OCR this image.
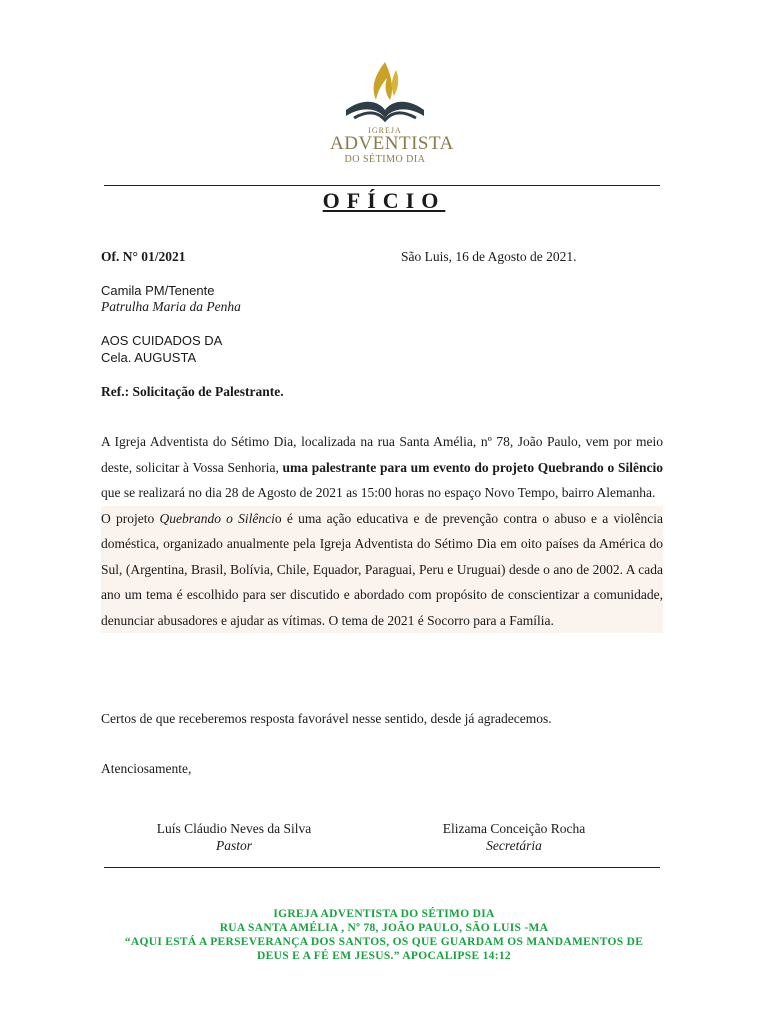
IGREJA
ADVENTISTA
DO SÉTIMO DIA
OFÍCIO
Of. N° 01/2021	São Luis, 16 de Agosto de 2021.
Camila PM/Tenente
Patrulha Maria da Penha
AOS CUIDADOS DA
Cela. AUGUSTA
Ref.: Solicitação de Palestrante.

A Igreja Adventista do Sétimo Dia, localizada na rua Santa Amélia, nº 78, João Paulo, vem por meio deste, solicitar à Vossa Senhoria, uma palestrante para um evento do projeto Quebrando o Silêncio que se realizará no dia 28 de Agosto de 2021 as 15:00 horas no espaço Novo Tempo, bairro Alemanha.

O projeto Quebrando o Silêncio é uma ação educativa e de prevenção contra o abuso e a violência doméstica, organizado anualmente pela Igreja Adventista do Sétimo Dia em oito países da América do Sul, (Argentina, Brasil, Bolívia, Chile, Equador, Paraguai, Peru e Uruguai) desde o ano de 2002. A cada ano um tema é escolhido para ser discutido e abordado com propósito de conscientizar a comunidade, denunciar abusadores e ajudar as vítimas. O tema de 2021 é Socorro para a Família.

Certos de que receberemos resposta favorável nesse sentido, desde já agradecemos.
Atenciosamente,
Luís Cláudio Neves da Silva
Pastor
Elizama Conceição Rocha
Secretária
IGREJA ADVENTISTA DO SÉTIMO DIA
RUA SANTA AMÉLIA , Nº 78, JOÃO PAULO, SÃO LUIS -MA
“AQUI ESTÁ A PERSEVERANÇA DOS SANTOS, OS QUE GUARDAM OS MANDAMENTOS DE
DEUS E A FÉ EM JESUS.” APOCALIPSE 14:12
